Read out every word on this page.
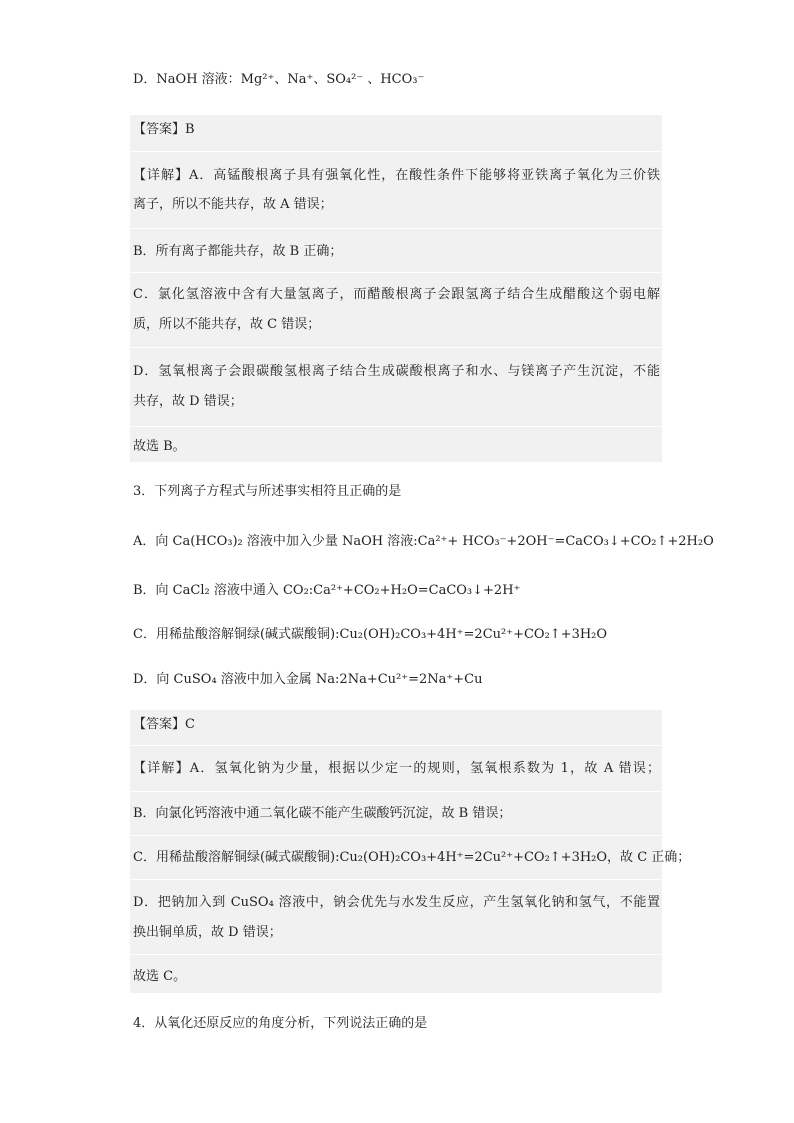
D．NaOH 溶液：Mg²⁺、Na⁺、SO₄²⁻ 、HCO₃⁻
【答案】B
【详解】A．高锰酸根离子具有强氧化性，在酸性条件下能够将亚铁离子氧化为三价铁
离子，所以不能共存，故 A 错误；
B．所有离子都能共存，故 B 正确；
C．氯化氢溶液中含有大量氢离子，而醋酸根离子会跟氢离子结合生成醋酸这个弱电解
质，所以不能共存，故 C 错误；
D．氢氧根离子会跟碳酸氢根离子结合生成碳酸根离子和水、与镁离子产生沉淀，不能
共存，故 D 错误；
故选 B。
3．下列离子方程式与所述事实相符且正确的是
A．向 Ca(HCO₃)₂ 溶液中加入少量 NaOH 溶液:Ca²⁺+ HCO₃⁻+2OH⁻=CaCO₃↓+CO₂↑+2H₂O
B．向 CaCl₂ 溶液中通入 CO₂:Ca²⁺+CO₂+H₂O=CaCO₃↓+2H⁺
C．用稀盐酸溶解铜绿(碱式碳酸铜):Cu₂(OH)₂CO₃+4H⁺=2Cu²⁺+CO₂↑+3H₂O
D．向 CuSO₄ 溶液中加入金属 Na:2Na+Cu²⁺=2Na⁺+Cu
【答案】C
【详解】A．氢氧化钠为少量，根据以少定一的规则，氢氧根系数为 1，故 A 错误；
B．向氯化钙溶液中通二氧化碳不能产生碳酸钙沉淀，故 B 错误；
C．用稀盐酸溶解铜绿(碱式碳酸铜):Cu₂(OH)₂CO₃+4H⁺=2Cu²⁺+CO₂↑+3H₂O，故 C 正确；
D．把钠加入到 CuSO₄ 溶液中，钠会优先与水发生反应，产生氢氧化钠和氢气，不能置
换出铜单质，故 D 错误；
故选 C。
4．从氧化还原反应的角度分析，下列说法正确的是
